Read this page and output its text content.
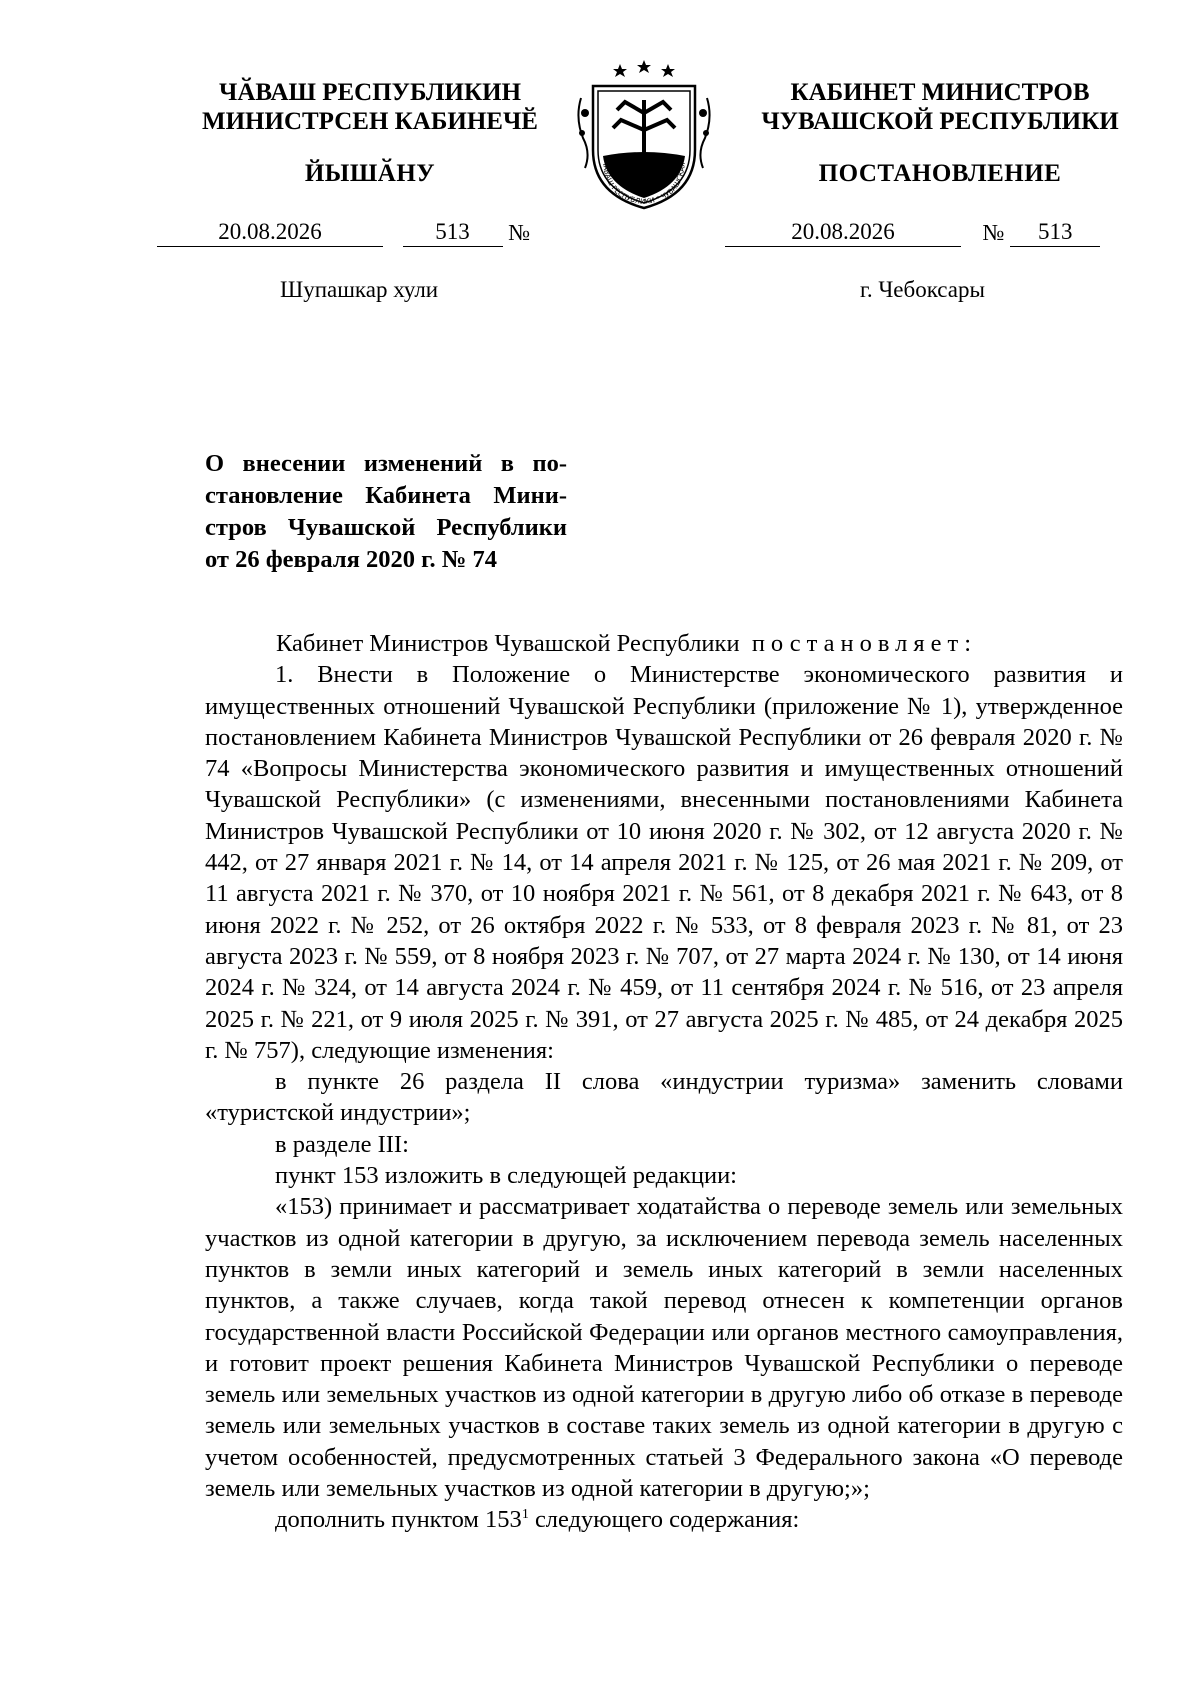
ЧӐВАШ РЕСПУБЛИКИН
МИНИСТРСЕН КАБИНЕЧӖ
ЙЫШӐНУ	ЧӐВАШ РЕСПУБЛИКИ * ЧУВАШСКАЯ
КАБИНЕТ МИНИСТРОВ
ЧУВАШСКОЙ РЕСПУБЛИКИ
ПОСТАНОВЛЕНИЕ
20.08.2026	513 №	20.08.2026	№ 513
Шупашкар хули	г. Чебоксары
О внесении изменений в по-
становление Кабинета Мини-
стров Чувашской Республики
от 26 февраля 2020 г. № 74

Кабинет Министров Чувашской Республики постановляет:

1. Внести в Положение о Министерстве экономического развития и имущественных отношений Чувашской Республики (приложение № 1), утвержденное постановлением Кабинета Министров Чувашской Республики от 26 февраля 2020 г. № 74 «Вопросы Министерства экономического развития и имущественных отношений Чувашской Республики» (с изменениями, внесенными постановлениями Кабинета Министров Чувашской Республики от 10 июня 2020 г. № 302, от 12 августа 2020 г. № 442, от 27 января 2021 г. № 14, от 14 апреля 2021 г. № 125, от 26 мая 2021 г. № 209, от 11 августа 2021 г. № 370, от 10 ноября 2021 г. № 561, от 8 декабря 2021 г. № 643, от 8 июня 2022 г. № 252, от 26 октября 2022 г. № 533, от 8 февраля 2023 г. № 81, от 23 августа 2023 г. № 559, от 8 ноября 2023 г. № 707, от 27 марта 2024 г. № 130, от 14 июня 2024 г. № 324, от 14 августа 2024 г. № 459, от 11 сентября 2024 г. № 516, от 23 апреля 2025 г. № 221, от 9 июля 2025 г. № 391, от 27 августа 2025 г. № 485, от 24 декабря 2025 г. № 757), следующие изменения:

в пункте 26 раздела II слова «индустрии туризма» заменить словами «туристской индустрии»;

в разделе III:

пункт 153 изложить в следующей редакции:

«153) принимает и рассматривает ходатайства о переводе земель или земельных участков из одной категории в другую, за исключением перевода земель населенных пунктов в земли иных категорий и земель иных категорий в земли населенных пунктов, а также случаев, когда такой перевод отнесен к компетенции органов государственной власти Российской Федерации или органов местного самоуправления, и готовит проект решения Кабинета Министров Чувашской Республики о переводе земель или земельных участков из одной категории в другую либо об отказе в переводе земель или земельных участков в составе таких земель из одной категории в другую с учетом особенностей, предусмотренных статьей 3 Федерального закона «О переводе земель или земельных участков из одной категории в другую;»;

дополнить пунктом $153^1$ следующего содержания:
